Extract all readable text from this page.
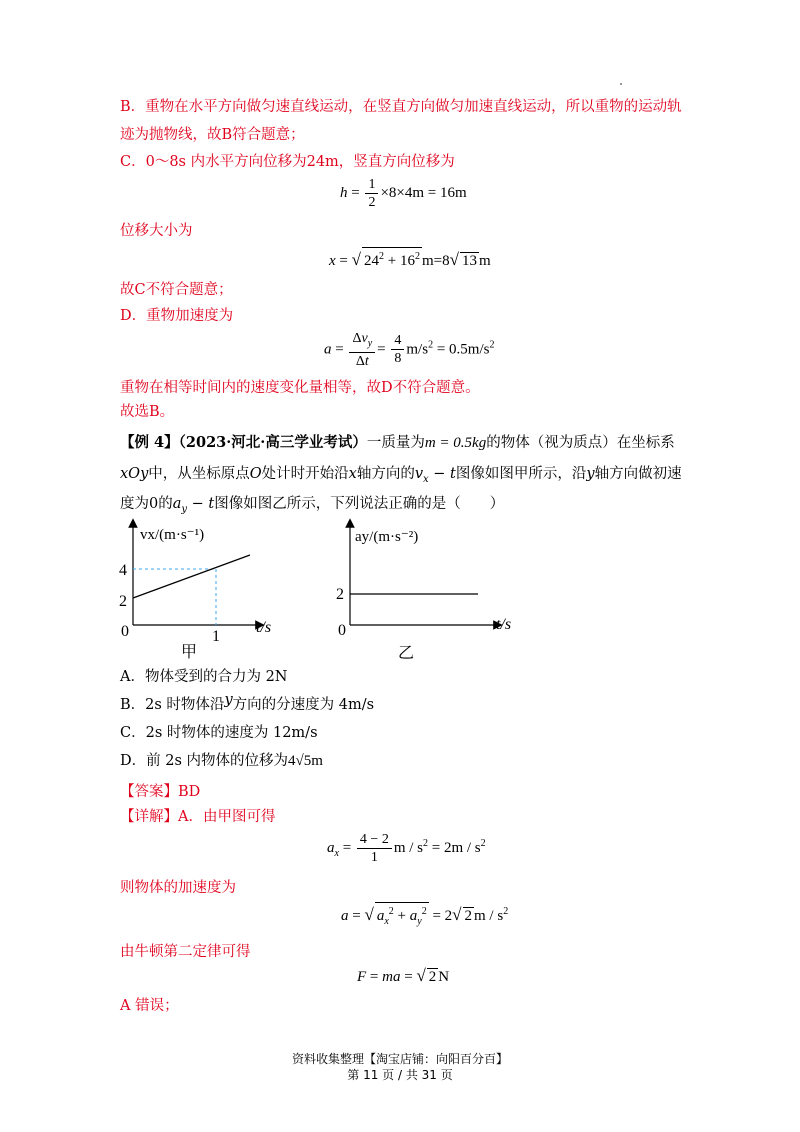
B．重物在水平方向做匀速直线运动，在竖直方向做匀加速直线运动，所以重物的运动轨
迹为抛物线，故B符合题意；
C．0～8s 内水平方向位移为24m，竖直方向位移为
$h = \frac{1}{2} \times 8\times 4m = 16m$
位移大小为
x = √ $24^2 + 16^2$ m=8√ 13 m
故C不符合题意；
D．重物加速度为
$a = \frac{\Delta v_y}{\Delta t} = \frac{4}{8} m/s^2 = 0.5m/s^2$
重物在相等时间内的速度变化量相等，故D不符合题意。
故选B。
【例 4】（2023·河北·高三学业考试）一质量为m = 0.5kg的物体（视为质点）在坐标系
xOy中，从坐标原点O处计时开始沿x轴方向的$v_x - t$图像如图甲所示，沿y轴方向做初速
度为0的$a_y - t$图像如图乙所示，下列说法正确的是（　　）
vx/(m·s⁻¹)
4
2
0	1
t/s
甲
ay/(m·s⁻²)
2
0	t/s
乙
A．物体受到的合力为 2N
B．2s 时物体沿y方向的分速度为 4m/s
C．2s 时物体的速度为 12m/s
D．前 2s 内物体的位移为4√5m
【答案】BD
【详解】A．由甲图可得
$a_x = \frac{4 - 2}{1}$ $m / s^2 = 2m / s^2$
则物体的加速度为
a = √ $a_x^2 + a_y^2 = 2√$ 2 m / $s^2$
由牛顿第二定律可得
F = ma = √ 2 N
A 错误；
资料收集整理【淘宝店铺：向阳百分百】
第 11 页 / 共 31 页
